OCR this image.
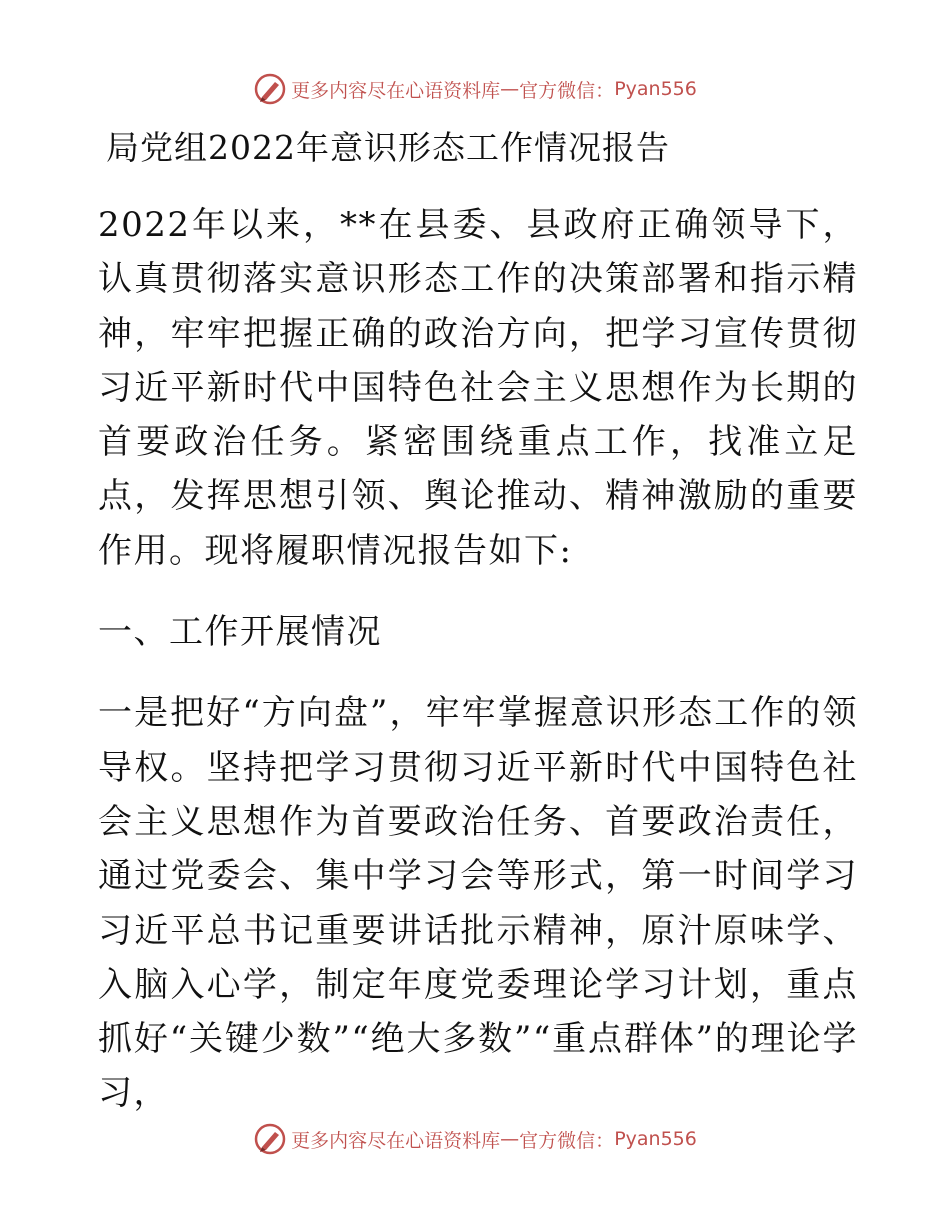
更多内容尽在心语资料库 — 官方微信： Pyan556
局党组2022年意识形态工作情况报告

2022年以来，**在县委、县政府正确领导下，认真贯彻落实意识形态工作的决策部署和指示精神，牢牢把握正确的政治方向，把学习宣传贯彻习近平新时代中国特色社会主义思想作为长期的首要政治任务。紧密围绕重点工作，找准立足点，发挥思想引领、舆论推动、精神激励的重要作用。现将履职情况报告如下:

一、工作开展情况

一是把好“方向盘”，牢牢掌握意识形态工作的领导权。坚持把学习贯彻习近平新时代中国特色社会主义思想作为首要政治任务、首要政治责任，通过党委会、集中学习会等形式，第一时间学习习近平总书记重要讲话批示精神，原汁原味学、入脑入心学，制定年度党委理论学习计划，重点抓好“关键少数”“绝大多数”“重点群体”的理论学习，

更多内容尽在心语资料库 — 官方微信： Pyan556
